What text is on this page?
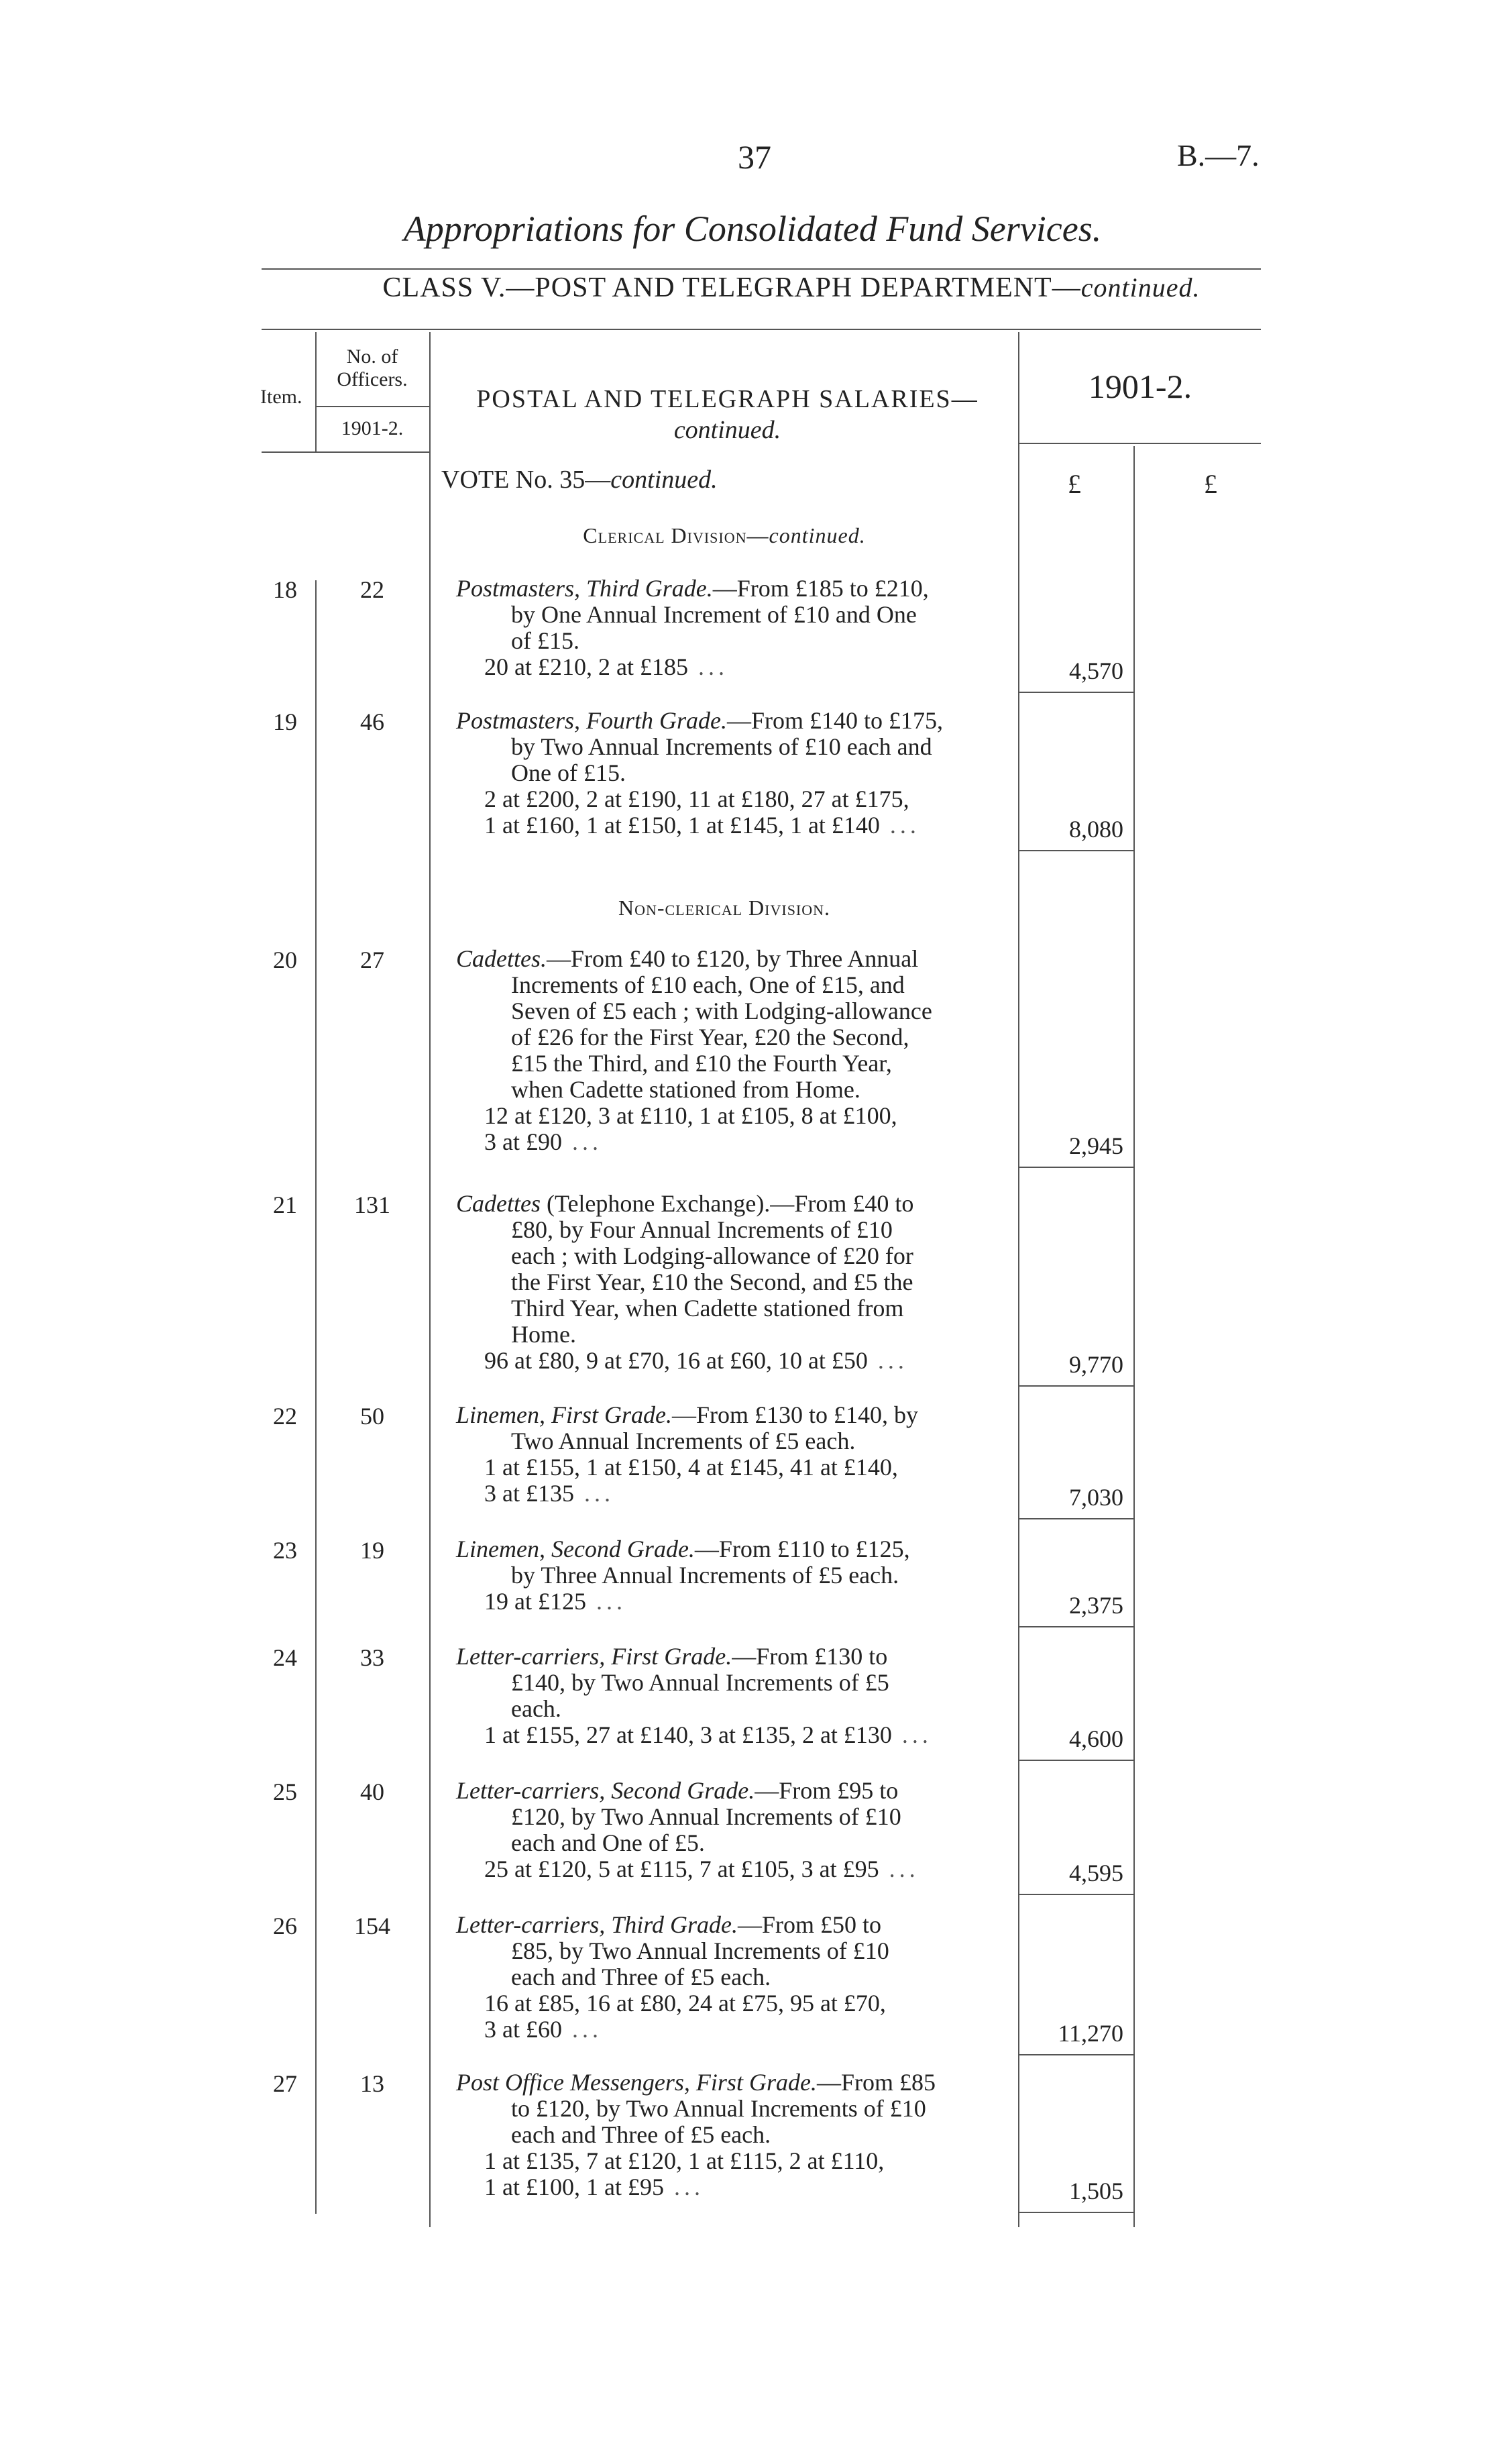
37	B.—7.
Appropriations for Consolidated Fund Services.
CLASS V.—POST AND TELEGRAPH DEPARTMENT—continued.
Item.
No. of
Officers.
1901-2.
POSTAL AND TELEGRAPH SALARIES—
continued.
1901-2.
VOTE No. 35—continued.	£	£
Clerical Division—continued.
Non-clerical Division.
18	22	Postmasters, Third Grade.—From £185 to £210,
by One Annual Increment of £10 and One
of £15.
20 at £210, 2 at £185 ...	4,570
19	46	Postmasters, Fourth Grade.—From £140 to £175,
by Two Annual Increments of £10 each and
One of £15.
2 at £200, 2 at £190, 11 at £180, 27 at £175,
1 at £160, 1 at £150, 1 at £145, 1 at £140 ...	8,080
20	27	Cadettes.—From £40 to £120, by Three Annual
Increments of £10 each, One of £15, and
Seven of £5 each ; with Lodging-allowance
of £26 for the First Year, £20 the Second,
£15 the Third, and £10 the Fourth Year,
when Cadette stationed from Home.
12 at £120, 3 at £110, 1 at £105, 8 at £100,
3 at £90 ...	2,945
21	131	Cadettes (Telephone Exchange).—From £40 to
£80, by Four Annual Increments of £10
each ; with Lodging-allowance of £20 for
the First Year, £10 the Second, and £5 the
Third Year, when Cadette stationed from
Home.
96 at £80, 9 at £70, 16 at £60, 10 at £50 ...	9,770
22	50	Linemen, First Grade.—From £130 to £140, by
Two Annual Increments of £5 each.
1 at £155, 1 at £150, 4 at £145, 41 at £140,
3 at £135 ...	7,030
23	19	Linemen, Second Grade.—From £110 to £125,
by Three Annual Increments of £5 each.
19 at £125 ...	2,375
24	33	Letter-carriers, First Grade.—From £130 to
£140, by Two Annual Increments of £5
each.
1 at £155, 27 at £140, 3 at £135, 2 at £130 ...	4,600
25	40	Letter-carriers, Second Grade.—From £95 to
£120, by Two Annual Increments of £10
each and One of £5.
25 at £120, 5 at £115, 7 at £105, 3 at £95 ...	4,595
26	154	Letter-carriers, Third Grade.—From £50 to
£85, by Two Annual Increments of £10
each and Three of £5 each.
16 at £85, 16 at £80, 24 at £75, 95 at £70,
3 at £60 ...	11,270
27	13	Post Office Messengers, First Grade.—From £85
to £120, by Two Annual Increments of £10
each and Three of £5 each.
1 at £135, 7 at £120, 1 at £115, 2 at £110,
1 at £100, 1 at £95 ...	1,505
